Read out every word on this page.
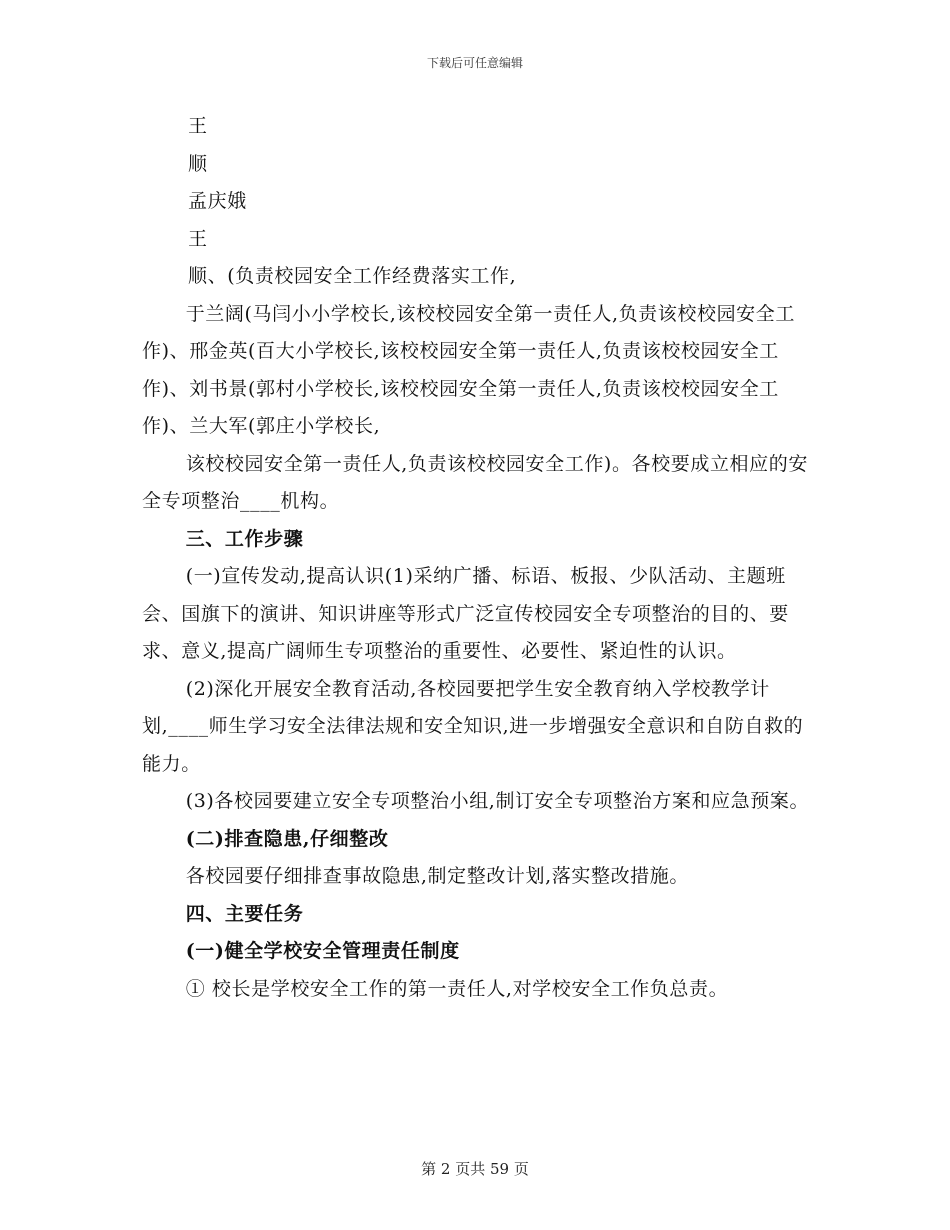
下载后可任意编辑

王

顺

孟庆娥

王

顺、(负责校园安全工作经费落实工作,

于兰阔(马闫小小学校长,该校校园安全第一责任人,负责该校校园安全工作)、邢金英(百大小学校长,该校校园安全第一责任人,负责该校校园安全工作)、刘书景(郭村小学校长,该校校园安全第一责任人,负责该校校园安全工作)、兰大军(郭庄小学校长,

该校校园安全第一责任人,负责该校校园安全工作)。各校要成立相应的安全专项整治____机构。

三、工作步骤

(一)宣传发动,提高认识(1)采纳广播、标语、板报、少队活动、主题班会、国旗下的演讲、知识讲座等形式广泛宣传校园安全专项整治的目的、要求、意义,提高广阔师生专项整治的重要性、必要性、紧迫性的认识。

(2)深化开展安全教育活动,各校园要把学生安全教育纳入学校教学计划,____师生学习安全法律法规和安全知识,进一步增强安全意识和自防自救的能力。

(3)各校园要建立安全专项整治小组,制订安全专项整治方案和应急预案。

(二)排查隐患,仔细整改

各校园要仔细排查事故隐患,制定整改计划,落实整改措施。

四、主要任务

(一)健全学校安全管理责任制度

① 校长是学校安全工作的第一责任人,对学校安全工作负总责。

第 2 页共 59 页
